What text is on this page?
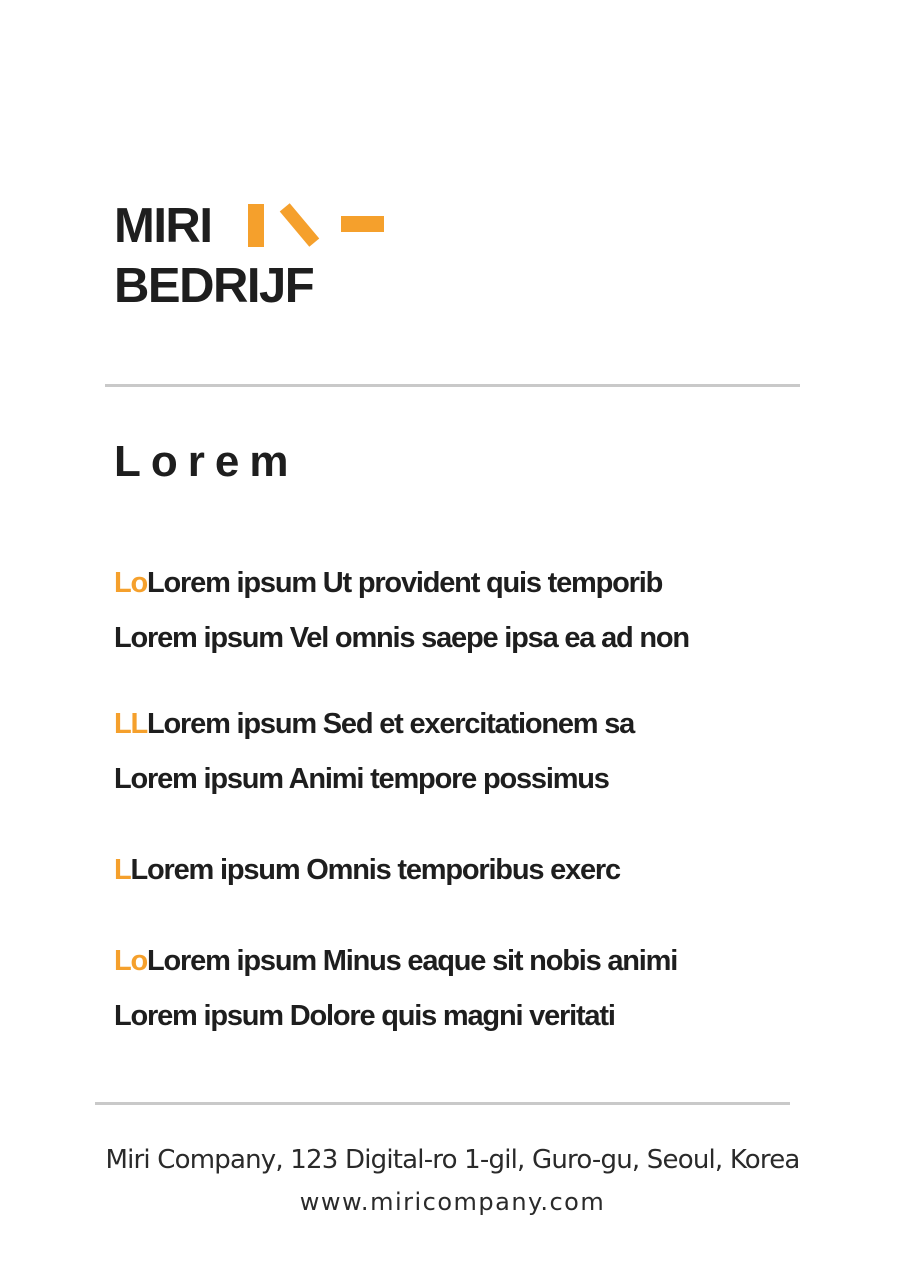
MIRI
BEDRIJF
Lorem
LoLorem ipsum Ut provident quis temporib
Lorem ipsum Vel omnis saepe ipsa ea ad non
LLLorem ipsum Sed et exercitationem sa
Lorem ipsum Animi tempore possimus
LLorem ipsum Omnis temporibus exerc
LoLorem ipsum Minus eaque sit nobis animi
Lorem ipsum Dolore quis magni veritati
Miri Company, 123 Digital-ro 1-gil, Guro-gu, Seoul, Korea
www.miricompany.com
